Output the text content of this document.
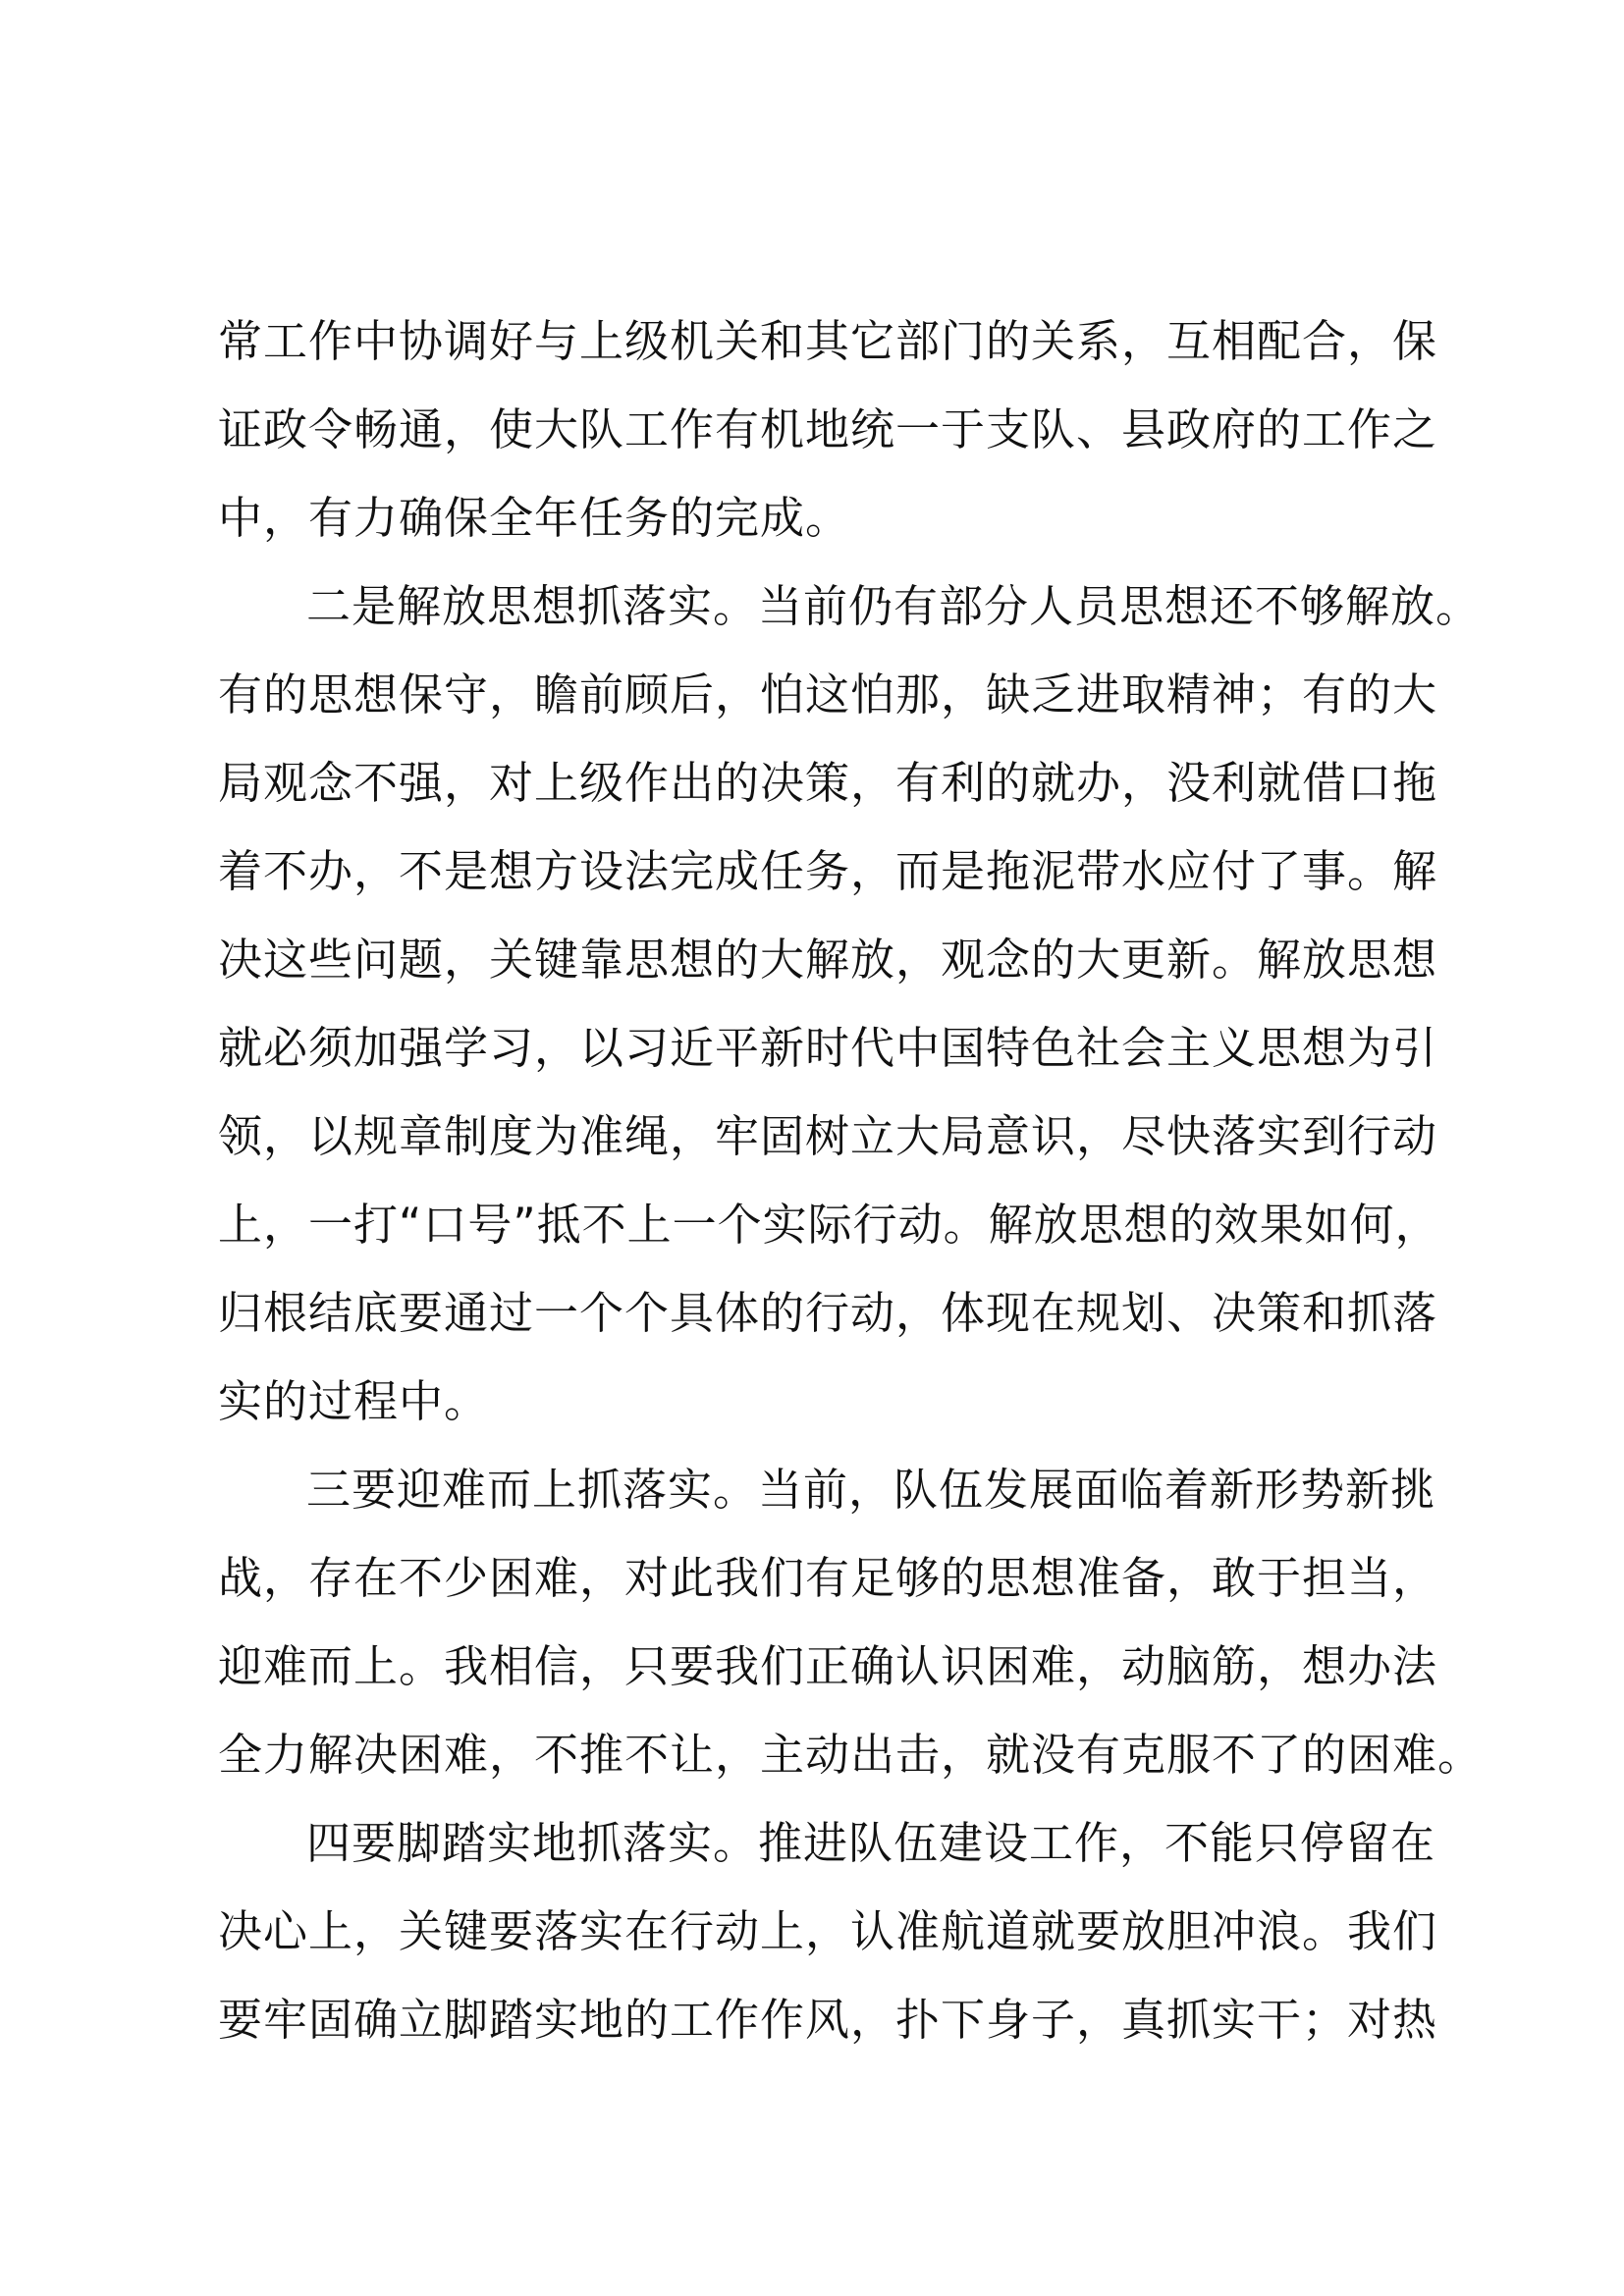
常工作中协调好与上级机关和其它部门的关系，互相配合，保
证政令畅通，使大队工作有机地统一于支队、县政府的工作之
中，有力确保全年任务的完成。
二是解放思想抓落实。当前仍有部分人员思想还不够解放。
有的思想保守，瞻前顾后，怕这怕那，缺乏进取精神；有的大
局观念不强，对上级作出的决策，有利的就办，没利就借口拖
着不办，不是想方设法完成任务，而是拖泥带水应付了事。解
决这些问题，关键靠思想的大解放，观念的大更新。解放思想
就必须加强学习，以习近平新时代中国特色社会主义思想为引
领，以规章制度为准绳，牢固树立大局意识，尽快落实到行动
上，一打“口号”抵不上一个实际行动。解放思想的效果如何，
归根结底要通过一个个具体的行动，体现在规划、决策和抓落
实的过程中。
三要迎难而上抓落实。当前，队伍发展面临着新形势新挑
战，存在不少困难，对此我们有足够的思想准备，敢于担当，
迎难而上。我相信，只要我们正确认识困难，动脑筋，想办法
全力解决困难，不推不让，主动出击，就没有克服不了的困难。
四要脚踏实地抓落实。推进队伍建设工作，不能只停留在
决心上，关键要落实在行动上，认准航道就要放胆冲浪。我们
要牢固确立脚踏实地的工作作风，扑下身子，真抓实干；对热
